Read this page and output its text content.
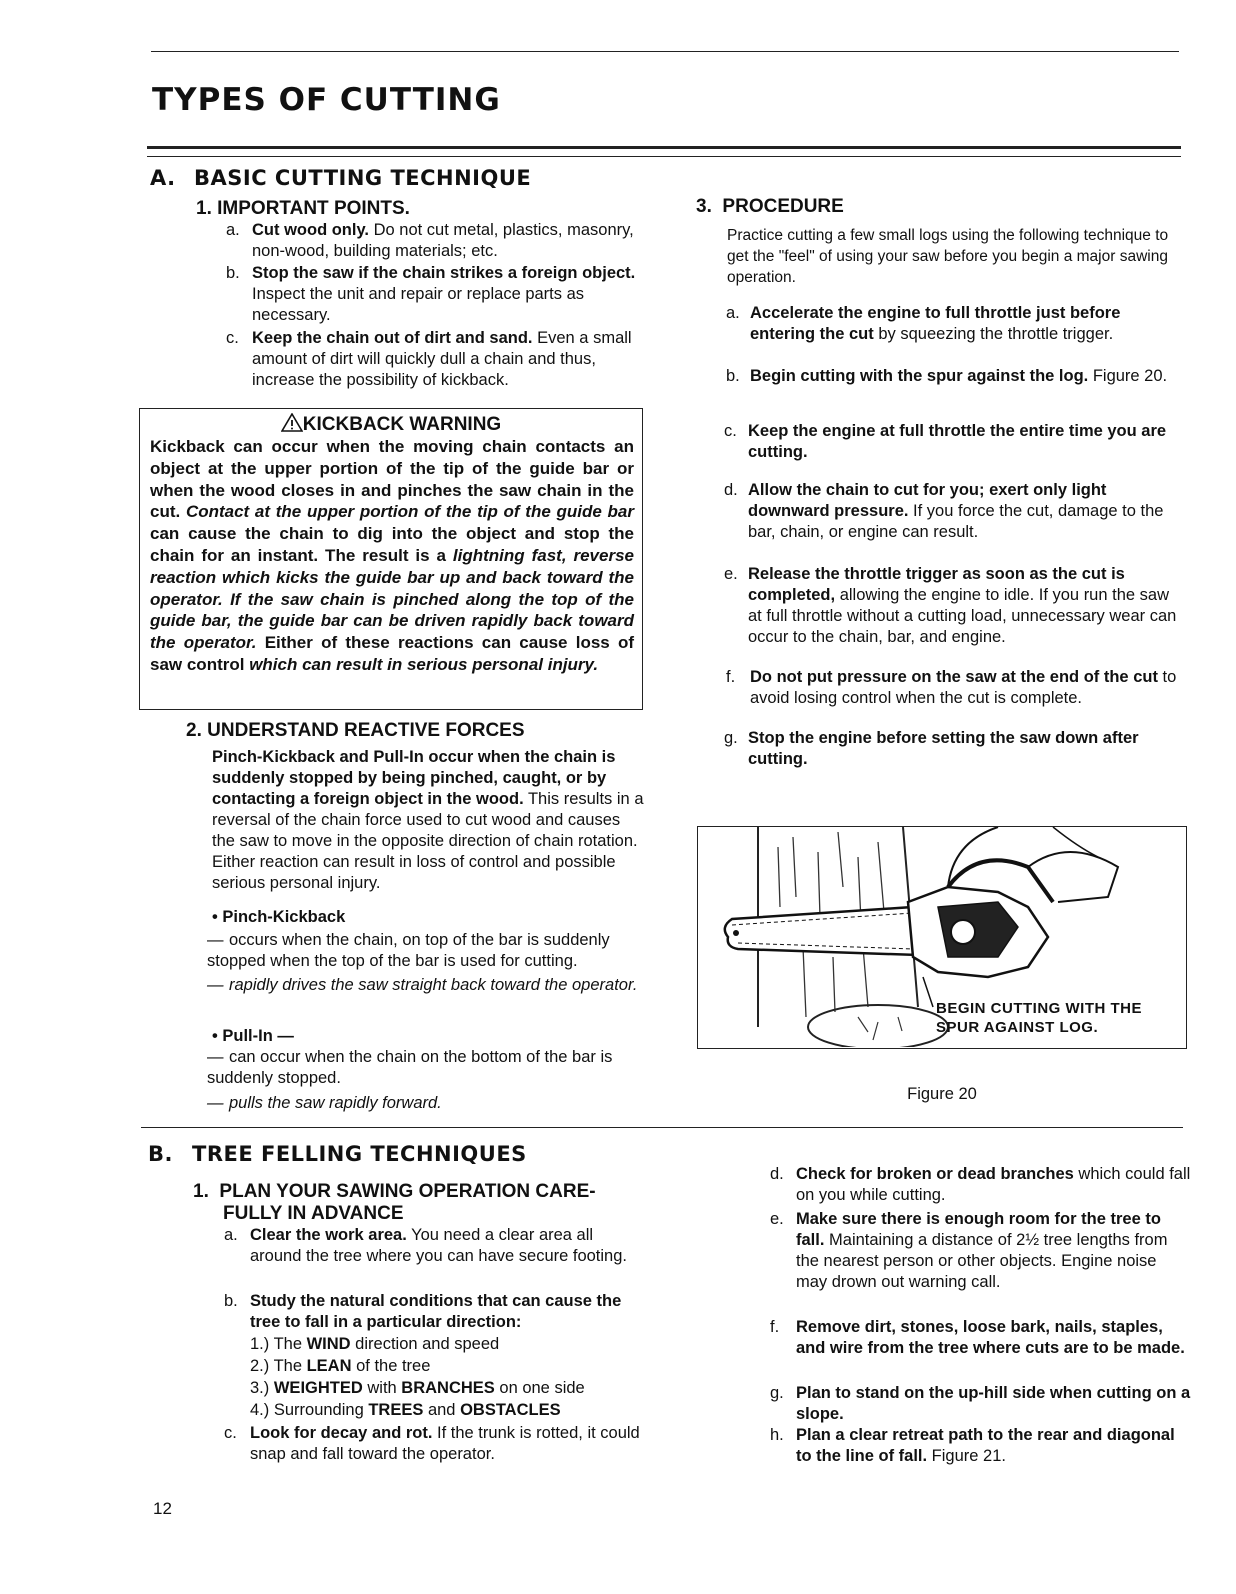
TYPES OF CUTTING
A. BASIC CUTTING TECHNIQUE
1. IMPORTANT POINTS.
a. Cut wood only. Do not cut metal, plastics, masonry, non-wood, building materials; etc.
b. Stop the saw if the chain strikes a foreign object. Inspect the unit and repair or replace parts as necessary.
c. Keep the chain out of dirt and sand. Even a small amount of dirt will quickly dull a chain and thus, increase the possibility of kickback.
KICKBACK WARNING
Kickback can occur when the moving chain contacts an object at the upper portion of the tip of the guide bar or when the wood closes in and pinches the saw chain in the cut. Contact at the upper portion of the tip of the guide bar can cause the chain to dig into the object and stop the chain for an instant. The result is a lightning fast, reverse reaction which kicks the guide bar up and back toward the operator. If the saw chain is pinched along the top of the guide bar, the guide bar can be driven rapidly back toward the operator. Either of these reactions can cause loss of saw control which can result in serious personal injury.
2. UNDERSTAND REACTIVE FORCES
Pinch-Kickback and Pull-In occur when the chain is suddenly stopped by being pinched, caught, or by contacting a foreign object in the wood. This results in a reversal of the chain force used to cut wood and causes the saw to move in the opposite direction of chain rotation. Either reaction can result in loss of control and possible serious personal injury.
• Pinch-Kickback
— occurs when the chain, on top of the bar is suddenly stopped when the top of the bar is used for cutting.
— rapidly drives the saw straight back toward the operator.
• Pull-In —
— can occur when the chain on the bottom of the bar is suddenly stopped.
— pulls the saw rapidly forward.
3. PROCEDURE
Practice cutting a few small logs using the following technique to get the "feel" of using your saw before you begin a major sawing operation.
a. Accelerate the engine to full throttle just before entering the cut by squeezing the throttle trigger.
b. Begin cutting with the spur against the log. Figure 20.
c. Keep the engine at full throttle the entire time you are cutting.
d. Allow the chain to cut for you; exert only light downward pressure. If you force the cut, damage to the bar, chain, or engine can result.
e. Release the throttle trigger as soon as the cut is completed, allowing the engine to idle. If you run the saw at full throttle without a cutting load, unnecessary wear can occur to the chain, bar, and engine.
f. Do not put pressure on the saw at the end of the cut to avoid losing control when the cut is complete.
g. Stop the engine before setting the saw down after cutting.
BEGIN CUTTING WITH THE
SPUR AGAINST LOG.
Figure 20
B. TREE FELLING TECHNIQUES
1. PLAN YOUR SAWING OPERATION CARE-
FULLY IN ADVANCE
a. Clear the work area. You need a clear area all around the tree where you can have secure footing.
b. Study the natural conditions that can cause the tree to fall in a particular direction:
1.) The WIND direction and speed
2.) The LEAN of the tree
3.) WEIGHTED with BRANCHES on one side
4.) Surrounding TREES and OBSTACLES
c. Look for decay and rot. If the trunk is rotted, it could snap and fall toward the operator.
d. Check for broken or dead branches which could fall on you while cutting.
e. Make sure there is enough room for the tree to fall. Maintaining a distance of 2½ tree lengths from the nearest person or other objects. Engine noise may drown out warning call.
f. Remove dirt, stones, loose bark, nails, staples, and wire from the tree where cuts are to be made.
g. Plan to stand on the up-hill side when cutting on a slope.
h. Plan a clear retreat path to the rear and diagonal to the line of fall. Figure 21.
12
